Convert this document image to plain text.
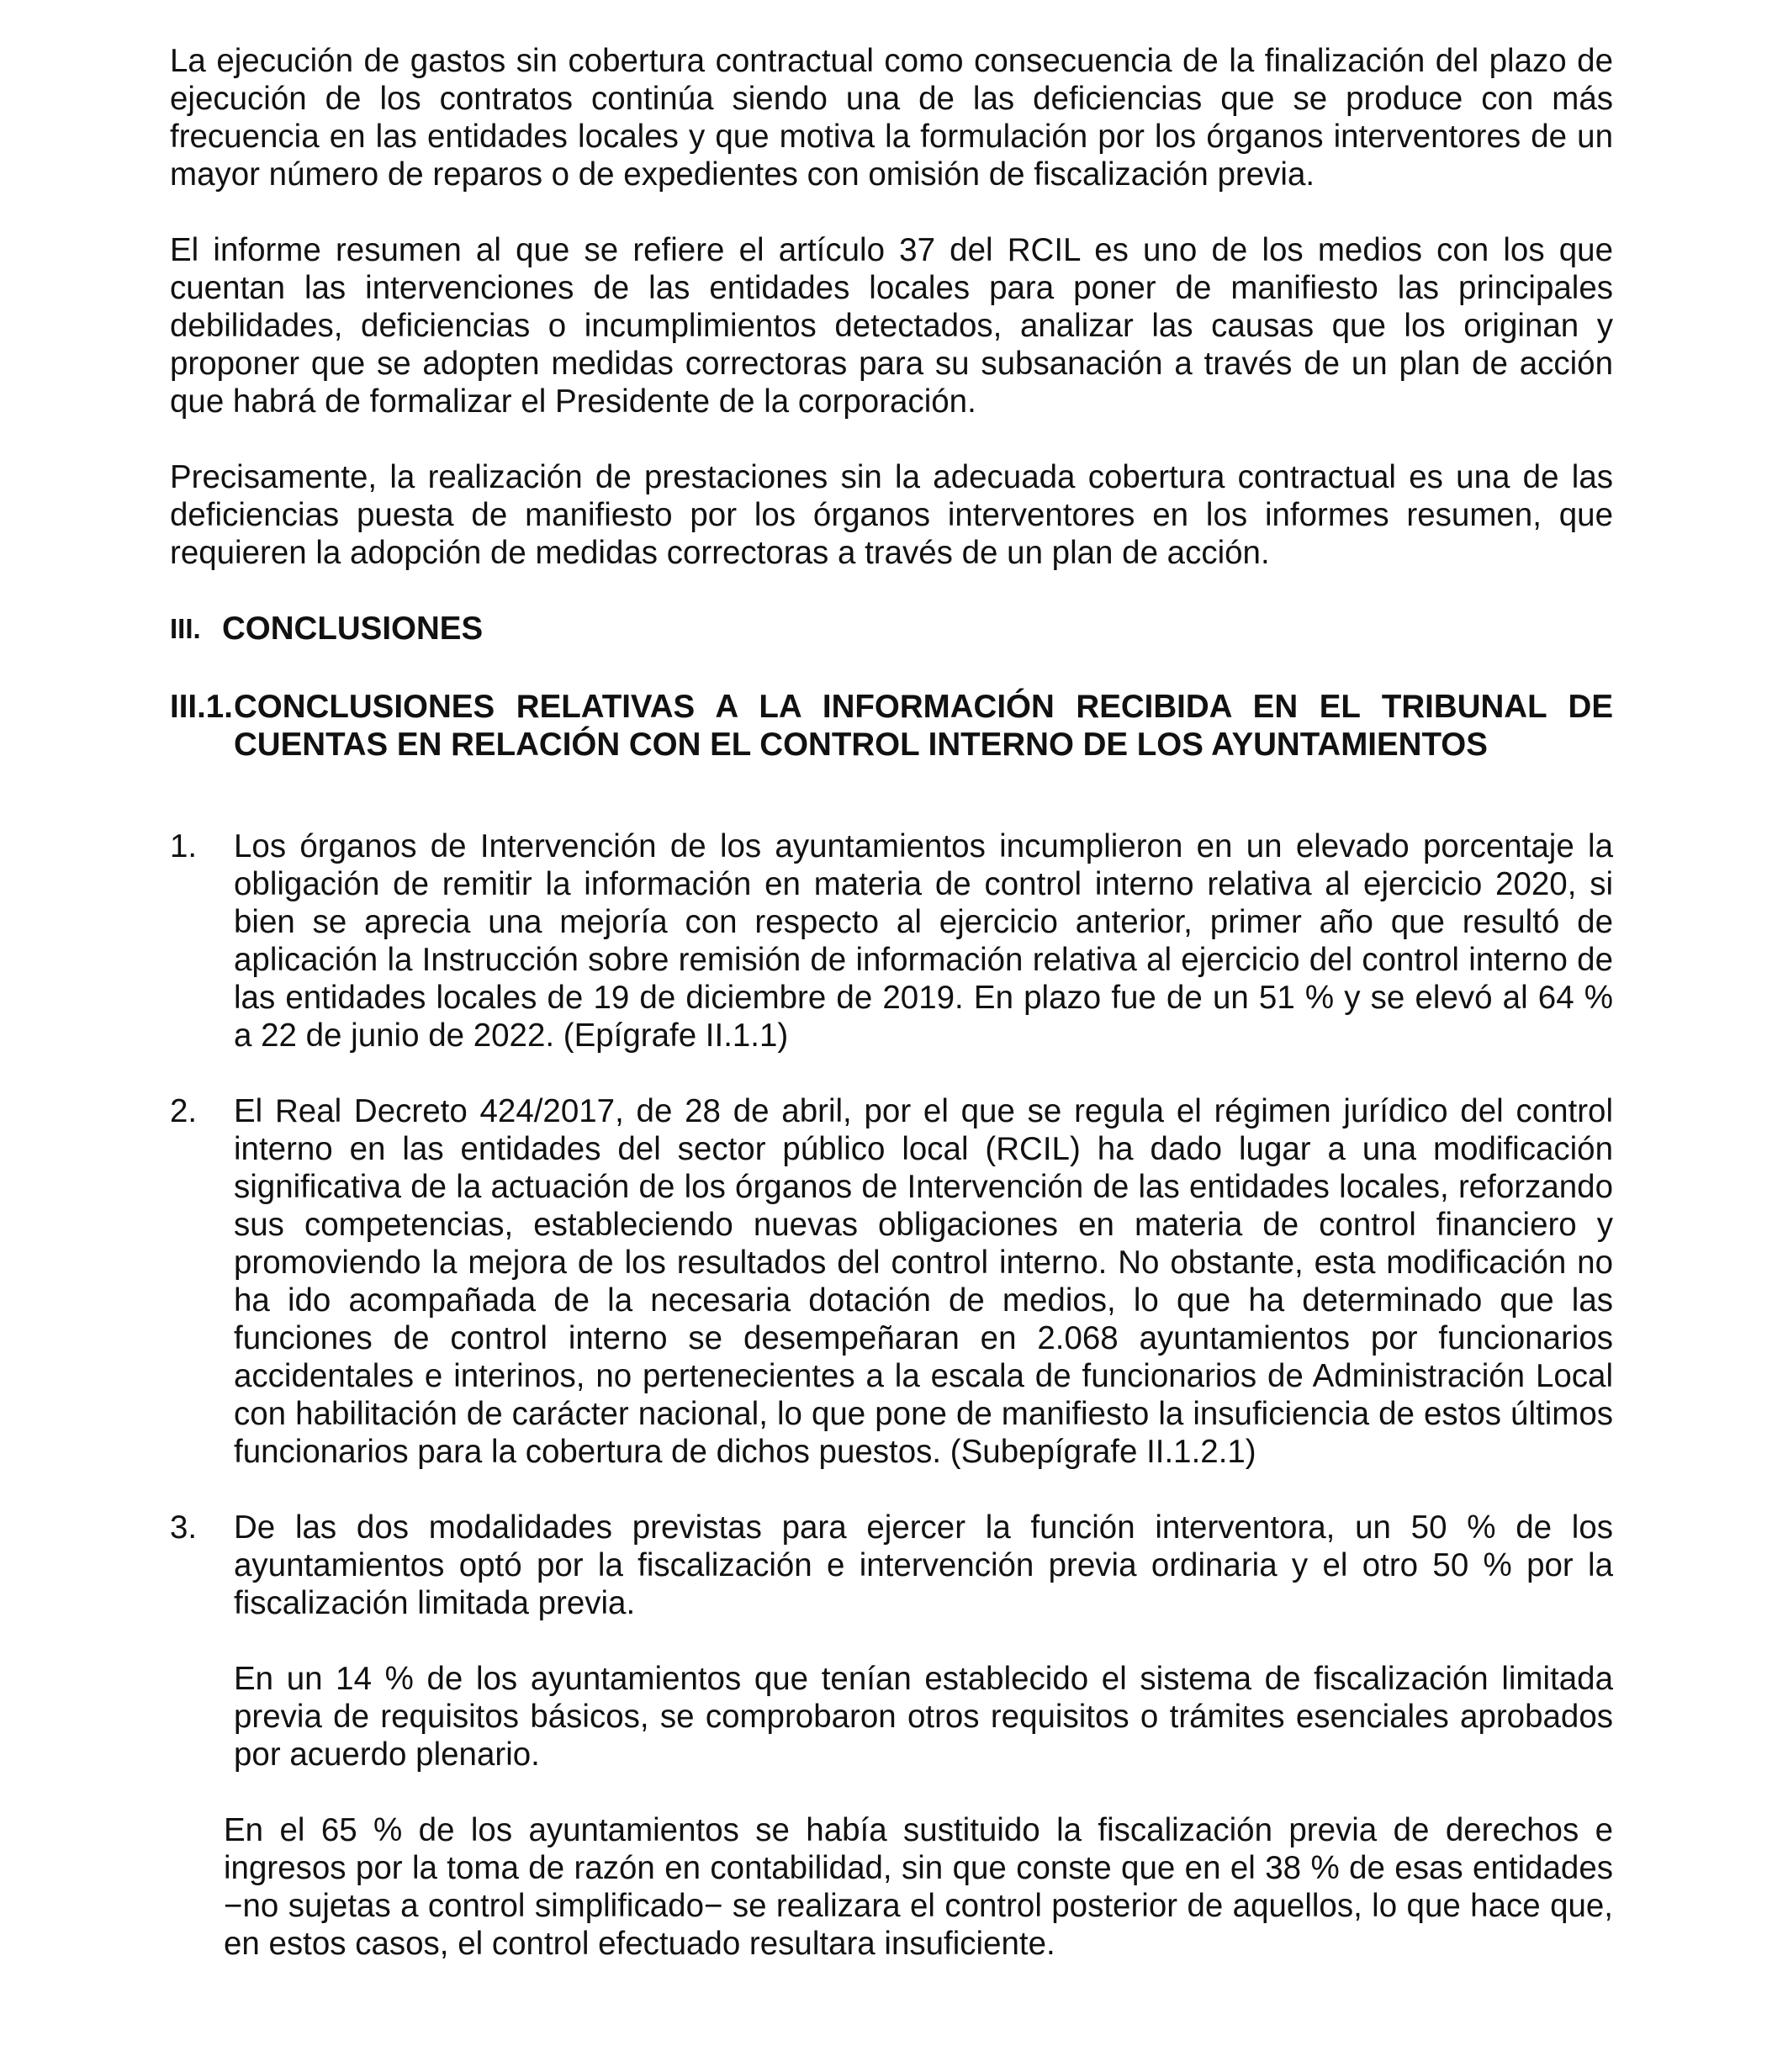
La ejecución de gastos sin cobertura contractual como consecuencia de la finalización del plazo de ejecución de los contratos continúa siendo una de las deficiencias que se produce con más frecuencia en las entidades locales y que motiva la formulación por los órganos interventores de un mayor número de reparos o de expedientes con omisión de fiscalización previa.

El informe resumen al que se refiere el artículo 37 del RCIL es uno de los medios con los que cuentan las intervenciones de las entidades locales para poner de manifiesto las principales debilidades, deficiencias o incumplimientos detectados, analizar las causas que los originan y proponer que se adopten medidas correctoras para su subsanación a través de un plan de acción que habrá de formalizar el Presidente de la corporación.

Precisamente, la realización de prestaciones sin la adecuada cobertura contractual es una de las deficiencias puesta de manifiesto por los órganos interventores en los informes resumen, que requieren la adopción de medidas correctoras a través de un plan de acción.

III. CONCLUSIONES
III.1. CONCLUSIONES RELATIVAS A LA INFORMACIÓN RECIBIDA EN EL TRIBUNAL DE CUENTAS EN RELACIÓN CON EL CONTROL INTERNO DE LOS AYUNTAMIENTOS
1. Los órganos de Intervención de los ayuntamientos incumplieron en un elevado porcentaje la obligación de remitir la información en materia de control interno relativa al ejercicio 2020, si bien se aprecia una mejoría con respecto al ejercicio anterior, primer año que resultó de aplicación la Instrucción sobre remisión de información relativa al ejercicio del control interno de las entidades locales de 19 de diciembre de 2019. En plazo fue de un 51 % y se elevó al 64 % a 22 de junio de 2022. (Epígrafe II.1.1)

2. El Real Decreto 424/2017, de 28 de abril, por el que se regula el régimen jurídico del control interno en las entidades del sector público local (RCIL) ha dado lugar a una modificación significativa de la actuación de los órganos de Intervención de las entidades locales, reforzando sus competencias, estableciendo nuevas obligaciones en materia de control financiero y promoviendo la mejora de los resultados del control interno. No obstante, esta modificación no ha ido acompañada de la necesaria dotación de medios, lo que ha determinado que las funciones de control interno se desempeñaran en 2.068 ayuntamientos por funcionarios accidentales e interinos, no pertenecientes a la escala de funcionarios de Administración Local con habilitación de carácter nacional, lo que pone de manifiesto la insuficiencia de estos últimos funcionarios para la cobertura de dichos puestos. (Subepígrafe II.1.2.1)

3. De las dos modalidades previstas para ejercer la función interventora, un 50 % de los ayuntamientos optó por la fiscalización e intervención previa ordinaria y el otro 50 % por la fiscalización limitada previa.

En un 14 % de los ayuntamientos que tenían establecido el sistema de fiscalización limitada previa de requisitos básicos, se comprobaron otros requisitos o trámites esenciales aprobados por acuerdo plenario.

En el 65 % de los ayuntamientos se había sustituido la fiscalización previa de derechos e ingresos por la toma de razón en contabilidad, sin que conste que en el 38 % de esas entidades −no sujetas a control simplificado− se realizara el control posterior de aquellos, lo que hace que, en estos casos, el control efectuado resultara insuficiente.
